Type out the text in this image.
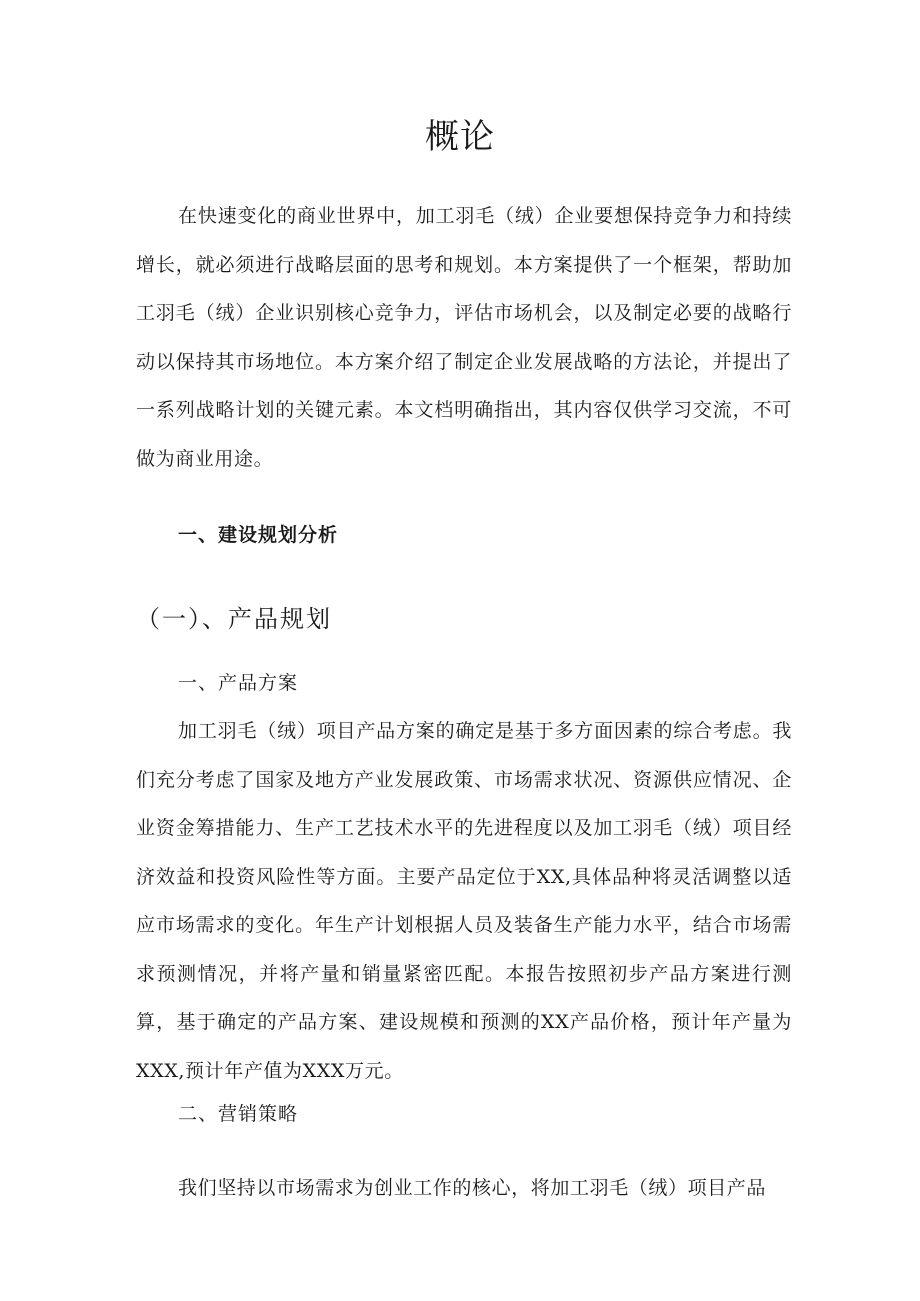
概论

在快速变化的商业世界中，加工羽毛（绒）企业要想保持竞争力和持续增长，就必须进行战略层面的思考和规划。本方案提供了一个框架，帮助加工羽毛（绒）企业识别核心竞争力，评估市场机会，以及制定必要的战略行动以保持其市场地位。本方案介绍了制定企业发展战略的方法论，并提出了一系列战略计划的关键元素。本文档明确指出，其内容仅供学习交流，不可做为商业用途。

一、建设规划分析
（一）、产品规划
一、产品方案

加工羽毛（绒）项目产品方案的确定是基于多方面因素的综合考虑。我们充分考虑了国家及地方产业发展政策、市场需求状况、资源供应情况、企业资金筹措能力、生产工艺技术水平的先进程度以及加工羽毛（绒）项目经济效益和投资风险性等方面。主要产品定位于XX,具体品种将灵活调整以适应市场需求的变化。年生产计划根据人员及装备生产能力水平，结合市场需求预测情况，并将产量和销量紧密匹配。本报告按照初步产品方案进行测算，基于确定的产品方案、建设规模和预测的XX产品价格，预计年产量为XXX,预计年产值为XXX万元。

二、营销策略

我们坚持以市场需求为创业工作的核心，将加工羽毛（绒）项目产品
